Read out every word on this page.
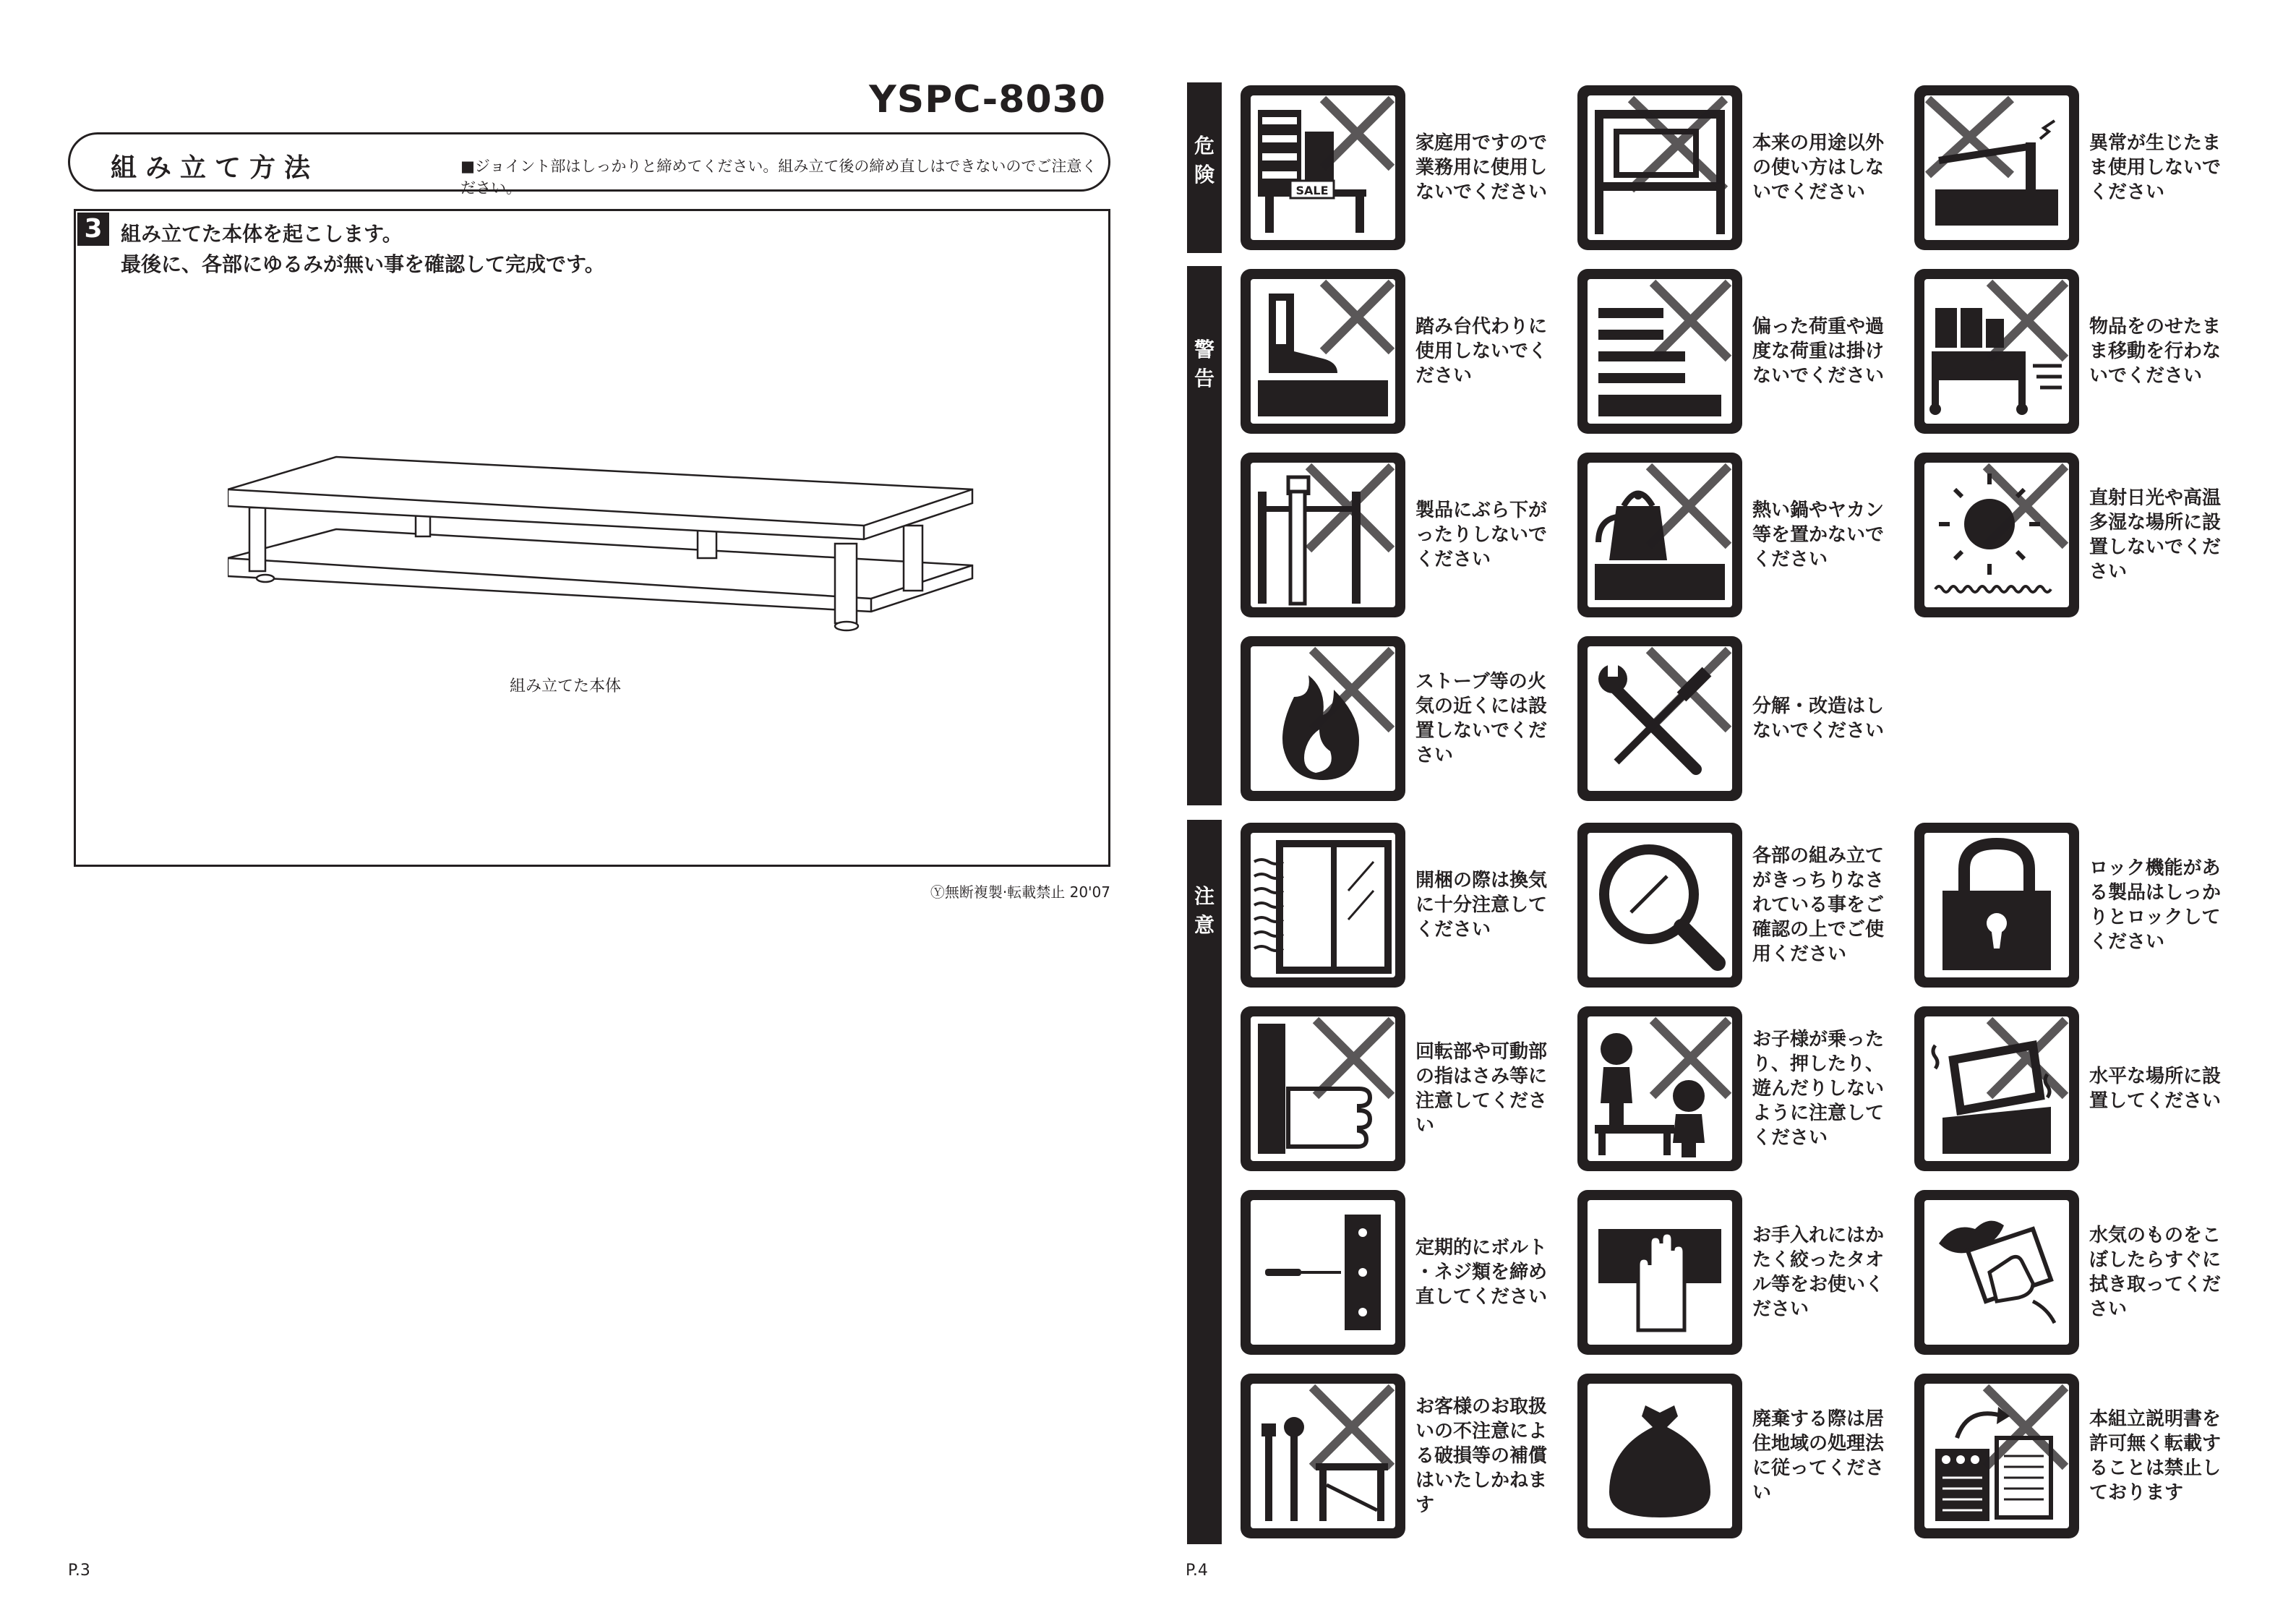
YSPC-8030
組み立て方法	■ジョイント部はしっかりと締めてください。組み立て後の締め直しはできないのでご注意ください。
3 組み立てた本体を起こします。
最後に、各部にゆるみが無い事を確認して完成です。
組み立てた本体
Ⓨ無断複製·転載禁止 20'07
P.3
危
険
警
告
注
意
SALE
家庭用ですので
業務用に使用し
ないでください
本来の用途以外
の使い方はしな
いでください
異常が生じたま
ま使用しないで
ください
踏み台代わりに
使用しないでく
ださい
偏った荷重や過
度な荷重は掛け
ないでください
物品をのせたま
ま移動を行わな
いでください
製品にぶら下が
ったりしないで
ください
熱い鍋やヤカン
等を置かないで
ください
直射日光や高温
多湿な場所に設
置しないでくだ
さい
ストーブ等の火
気の近くには設
置しないでくだ
さい
分解・改造はし
ないでください
開梱の際は換気
に十分注意して
ください
各部の組み立て
がきっちりなさ
れている事をご
確認の上でご使
用ください
ロック機能があ
る製品はしっか
りとロックして
ください
回転部や可動部
の指はさみ等に
注意してくださ
い
お子様が乗った
り、押したり、
遊んだりしない
ように注意して
ください
水平な場所に設
置してください
定期的にボルト
・ネジ類を締め
直してください
お手入れにはか
たく絞ったタオ
ル等をお使いく
ださい
水気のものをこ
ぼしたらすぐに
拭き取ってくだ
さい
お客様のお取扱
いの不注意によ
る破損等の補償
はいたしかねま
す
廃棄する際は居
住地域の処理法
に従ってくださ
い
本組立説明書を
許可無く転載す
ることは禁止し
ております
P.4
